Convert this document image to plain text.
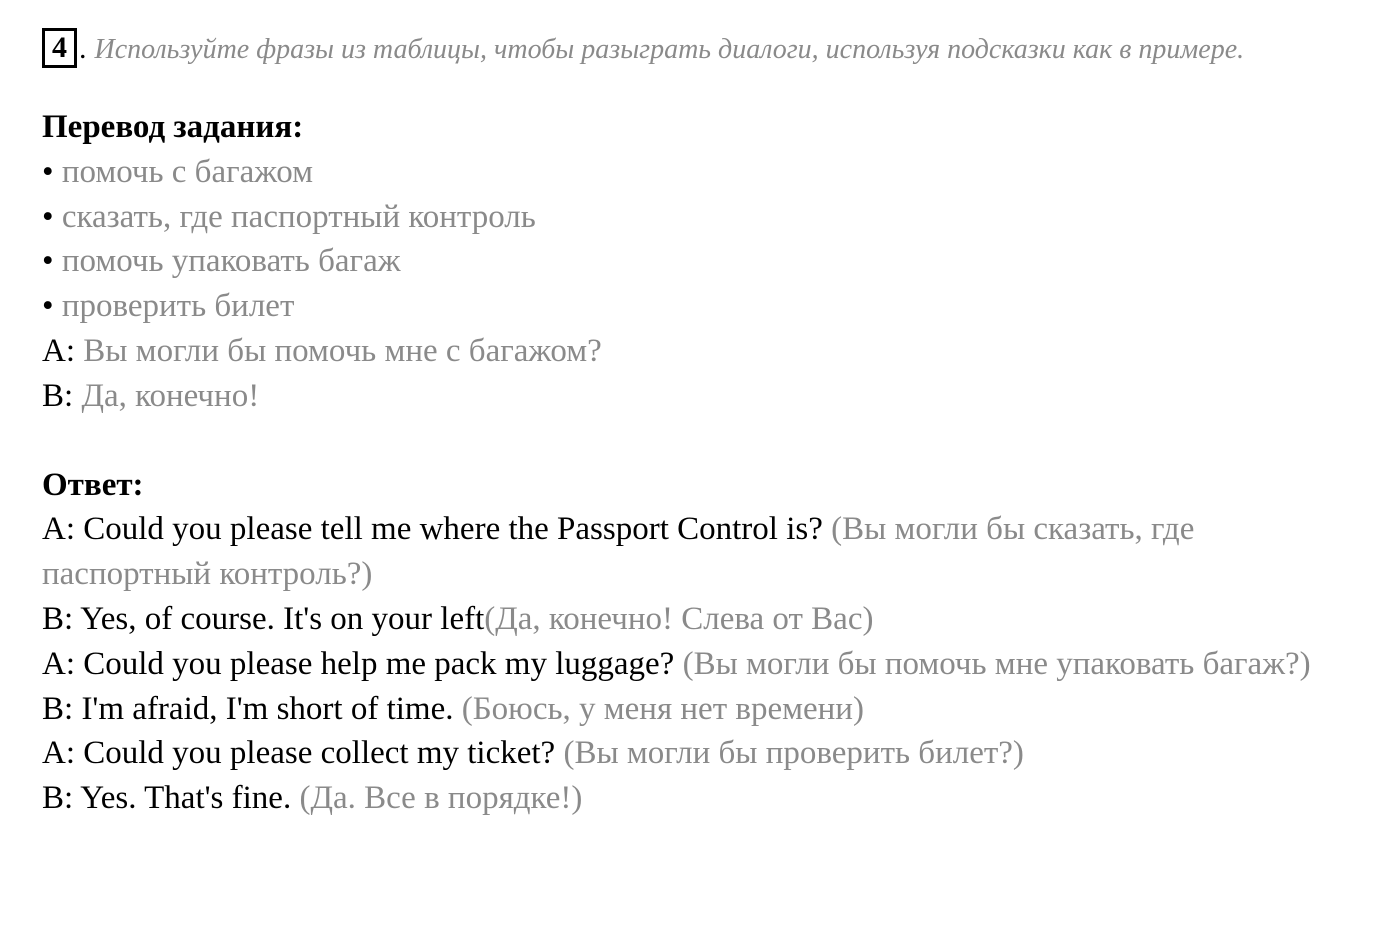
4 . Используйте фразы из таблицы, чтобы разыграть диалоги, используя подсказки как в примере.
Перевод задания:
• помочь с багажом
• сказать, где паспортный контроль
• помочь упаковать багаж
• проверить билет
A: Вы могли бы помочь мне с багажом?
B: Да, конечно!
Ответ:
A: Could you please tell me where the Passport Control is? (Вы могли бы сказать, где паспортный контроль?)
B: Yes, of course. It's on your left(Да, конечно! Слева от Вас)
A: Could you please help me pack my luggage? (Вы могли бы помочь мне упаковать багаж?)
B: I'm afraid, I'm short of time. (Боюсь, у меня нет времени)
A: Could you please collect my ticket? (Вы могли бы проверить билет?)
B: Yes. That's fine. (Да. Все в порядке!)
